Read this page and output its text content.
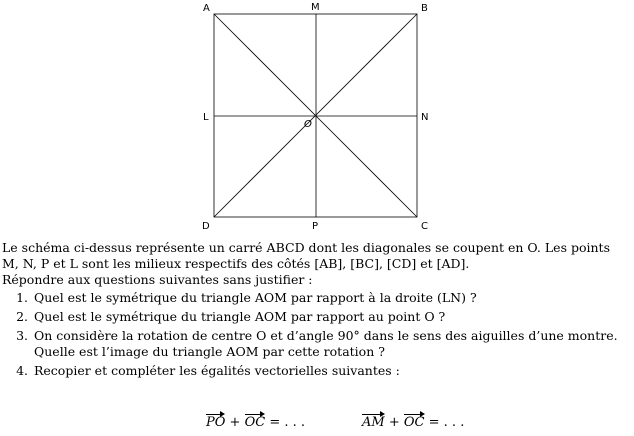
A	M	B
L	N
O
D	P	C

Le schéma ci-dessus représente un carré ABCD dont les diagonales se coupent en O. Les points M, N, P et L sont les milieux respectifs des côtés [AB], [BC], [CD] et [AD].

Répondre aux questions suivantes sans justifier :

1. Quel est le symétrique du triangle AOM par rapport à la droite (LN) ?
2. Quel est le symétrique du triangle AOM par rapport au point O ?
3. On considère la rotation de centre O et d’angle 90° dans le sens des aiguilles d’une montre. Quelle est l’image du triangle AOM par cette rotation ?
4. Recopier et compléter les égalités vectorielles suivantes :
PO + OC = . . .	AM + OC = . . .
